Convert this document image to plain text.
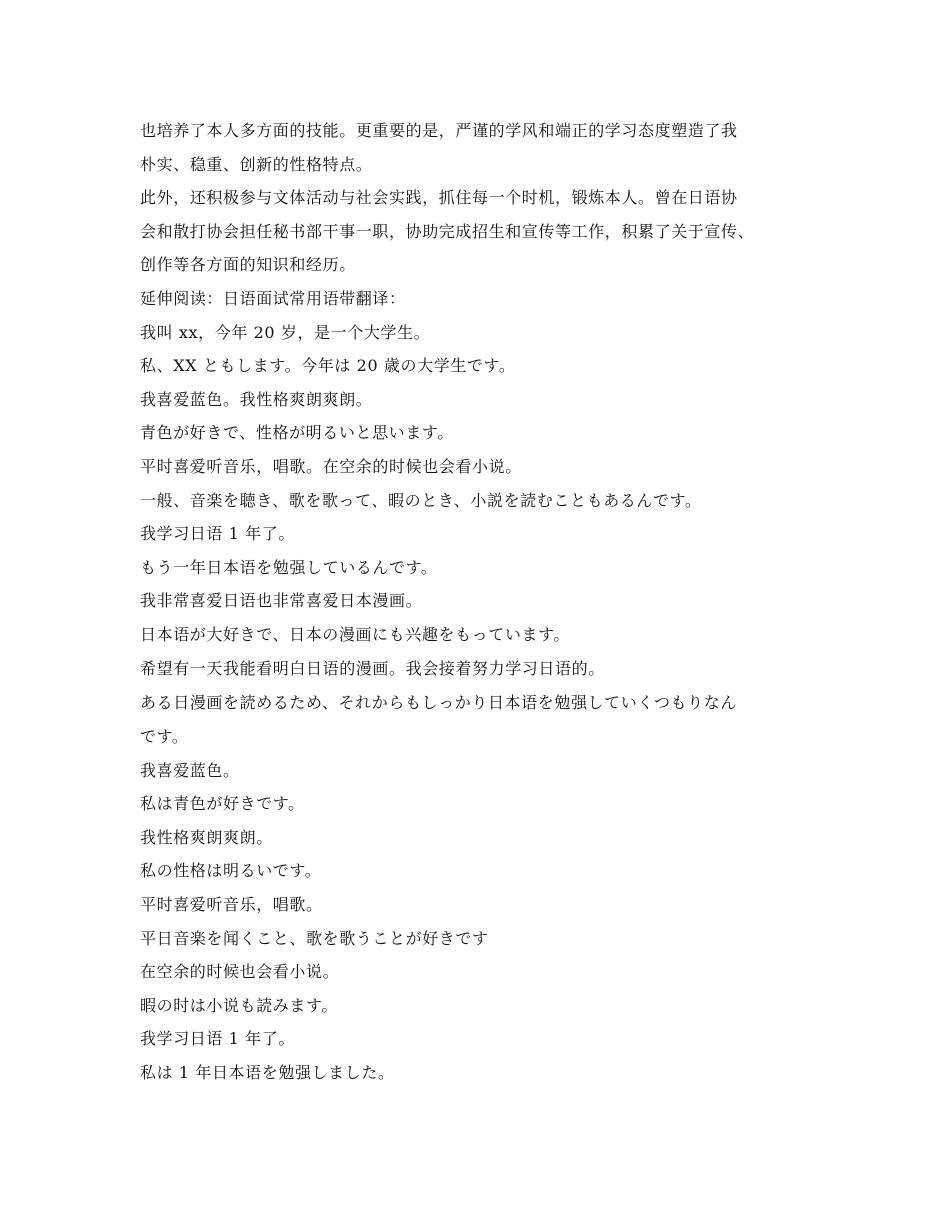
也培养了本人多方面的技能。更重要的是，严谨的学风和端正的学习态度塑造了我

朴实、稳重、创新的性格特点。

此外，还积极参与文体活动与社会实践，抓住每一个时机，锻炼本人。曾在日语协

会和散打协会担任秘书部干事一职，协助完成招生和宣传等工作，积累了关于宣传、

创作等各方面的知识和经历。

延伸阅读：日语面试常用语带翻译：

我叫 xx，今年 20 岁，是一个大学生。

私、XX ともします。今年は 20 歳の大学生です。

我喜爱蓝色。我性格爽朗爽朗。

青色が好きで、性格が明るいと思います。

平时喜爱听音乐，唱歌。在空余的时候也会看小说。

一般、音楽を聴き、歌を歌って、暇のとき、小説を読むこともあるんです。

我学习日语 1 年了。

もう一年日本语を勉强しているんです。

我非常喜爱日语也非常喜爱日本漫画。

日本语が大好きで、日本の漫画にも兴趣をもっています。

希望有一天我能看明白日语的漫画。我会接着努力学习日语的。

ある日漫画を読めるため、それからもしっかり日本语を勉强していくつもりなん

です。

我喜爱蓝色。

私は青色が好きです。

我性格爽朗爽朗。

私の性格は明るいです。

平时喜爱听音乐，唱歌。

平日音楽を闻くこと、歌を歌うことが好きです

在空余的时候也会看小说。

暇の时は小说も読みます。

我学习日语 1 年了。

私は 1 年日本语を勉强しました。
